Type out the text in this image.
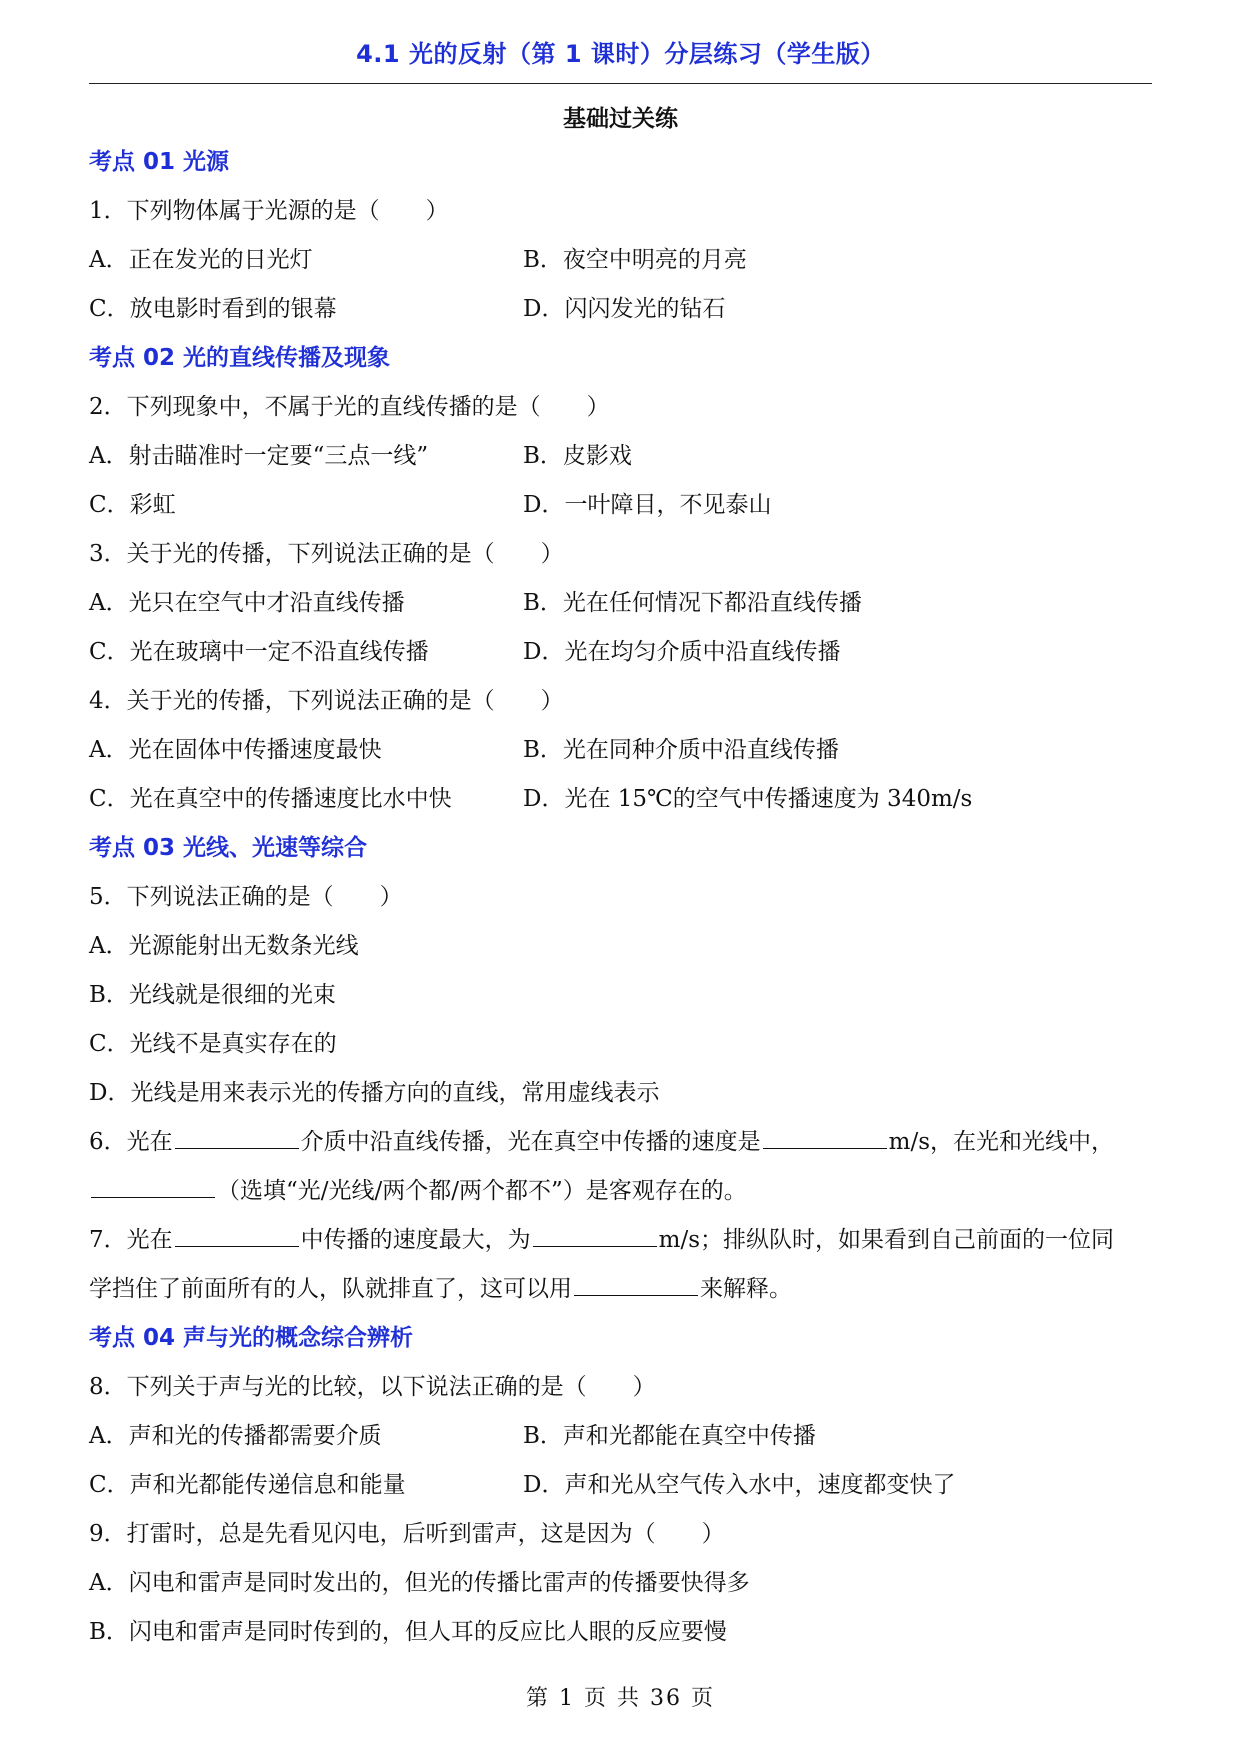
4.1 光的反射（第 1 课时）分层练习（学生版）
基础过关练
考点 01 光源
1．下列物体属于光源的是（　　）
A．正在发光的日光灯	B．夜空中明亮的月亮
C．放电影时看到的银幕	D．闪闪发光的钻石
考点 02 光的直线传播及现象
2．下列现象中，不属于光的直线传播的是（　　）
A．射击瞄准时一定要“三点一线”	B．皮影戏
C．彩虹	D．一叶障目，不见泰山
3．关于光的传播，下列说法正确的是（　　）
A．光只在空气中才沿直线传播	B．光在任何情况下都沿直线传播
C．光在玻璃中一定不沿直线传播	D．光在均匀介质中沿直线传播
4．关于光的传播，下列说法正确的是（　　）
A．光在固体中传播速度最快	B．光在同种介质中沿直线传播
C．光在真空中的传播速度比水中快	D．光在 15℃的空气中传播速度为 340m/s
考点 03 光线、光速等综合
5．下列说法正确的是（　　）
A．光源能射出无数条光线
B．光线就是很细的光束
C．光线不是真实存在的
D．光线是用来表示光的传播方向的直线，常用虚线表示
6．光在	介质中沿直线传播，光在真空中传播的速度是	m/s，在光和光线中，
（选填“光/光线/两个都/两个都不”）是客观存在的。
7．光在	中传播的速度最大，为	m/s；排纵队时，如果看到自己前面的一位同
学挡住了前面所有的人，队就排直了，这可以用	来解释。
考点 04 声与光的概念综合辨析
8．下列关于声与光的比较，以下说法正确的是（　　）
A．声和光的传播都需要介质	B．声和光都能在真空中传播
C．声和光都能传递信息和能量	D．声和光从空气传入水中，速度都变快了
9．打雷时，总是先看见闪电，后听到雷声，这是因为（　　）
A．闪电和雷声是同时发出的，但光的传播比雷声的传播要快得多
B．闪电和雷声是同时传到的，但人耳的反应比人眼的反应要慢
第 1 页 共 36 页
